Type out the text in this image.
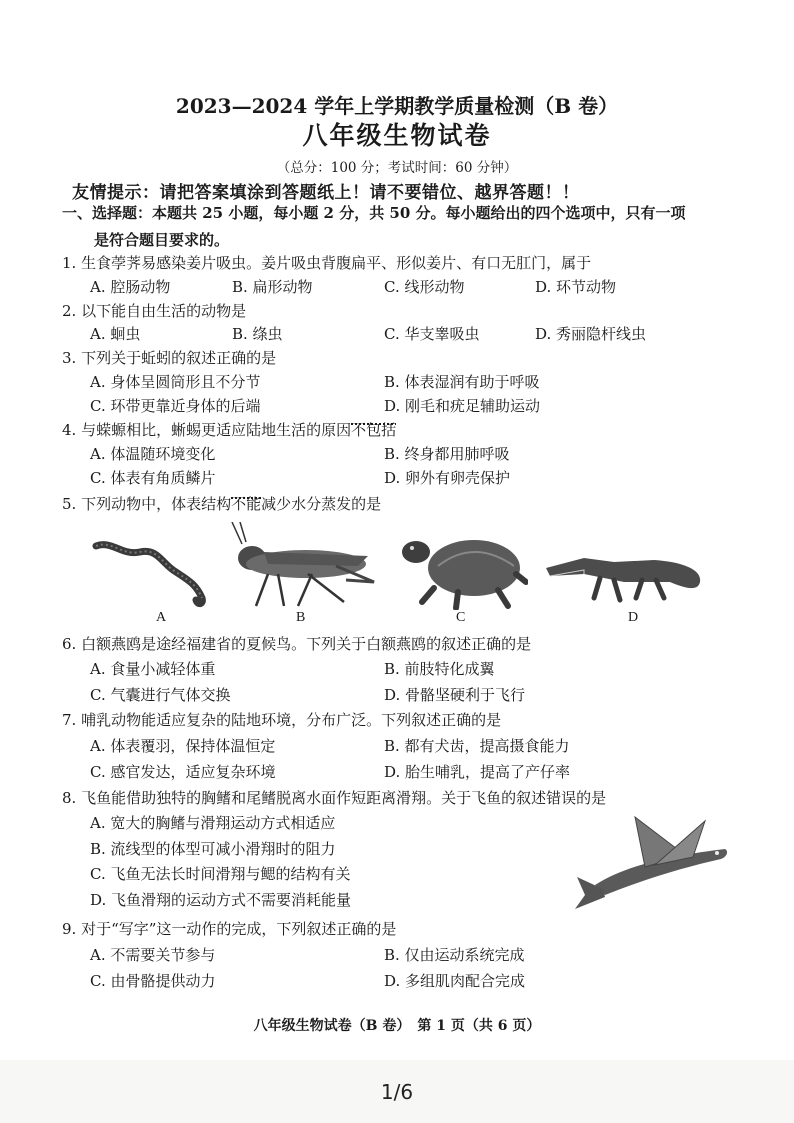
2023—2024 学年上学期教学质量检测（B 卷）
八年级生物试卷
（总分：100 分；考试时间：60 分钟）
友情提示：请把答案填涂到答题纸上！请不要错位、越界答题！！
一、选择题：本题共 25 小题，每小题 2 分，共 50 分。每小题给出的四个选项中，只有一项
是符合题目要求的。
1. 生食荸荠易感染姜片吸虫。姜片吸虫背腹扁平、形似姜片、有口无肛门，属于
A. 腔肠动物	B. 扁形动物	C. 线形动物	D. 环节动物
2. 以下能自由生活的动物是
A. 蛔虫	B. 绦虫	C. 华支睾吸虫	D. 秀丽隐杆线虫
3. 下列关于蚯蚓的叙述正确的是
A. 身体呈圆筒形且不分节	B. 体表湿润有助于呼吸
C. 环带更靠近身体的后端	D. 刚毛和疣足辅助运动
4. 与蝾螈相比，蜥蜴更适应陆地生活的原因不包括
A. 体温随环境变化	B. 终身都用肺呼吸
C. 体表有角质鳞片	D. 卵外有卵壳保护
5. 下列动物中，体表结构不能减少水分蒸发的是
A	B	C	D
6. 白额燕鸥是途经福建省的夏候鸟。下列关于白额燕鸥的叙述正确的是
A. 食量小减轻体重	B. 前肢特化成翼
C. 气囊进行气体交换	D. 骨骼坚硬利于飞行
7. 哺乳动物能适应复杂的陆地环境，分布广泛。下列叙述正确的是
A. 体表覆羽，保持体温恒定	B. 都有犬齿，提高摄食能力
C. 感官发达，适应复杂环境	D. 胎生哺乳，提高了产仔率
8. 飞鱼能借助独特的胸鳍和尾鳍脱离水面作短距离滑翔。关于飞鱼的叙述错误的是
A. 宽大的胸鳍与滑翔运动方式相适应
B. 流线型的体型可减小滑翔时的阻力
C. 飞鱼无法长时间滑翔与鳃的结构有关
D. 飞鱼滑翔的运动方式不需要消耗能量
9. 对于“写字”这一动作的完成，下列叙述正确的是
A. 不需要关节参与	B. 仅由运动系统完成
C. 由骨骼提供动力	D. 多组肌肉配合完成
八年级生物试卷（B 卷）　第 1 页（共 6 页）
1/6
